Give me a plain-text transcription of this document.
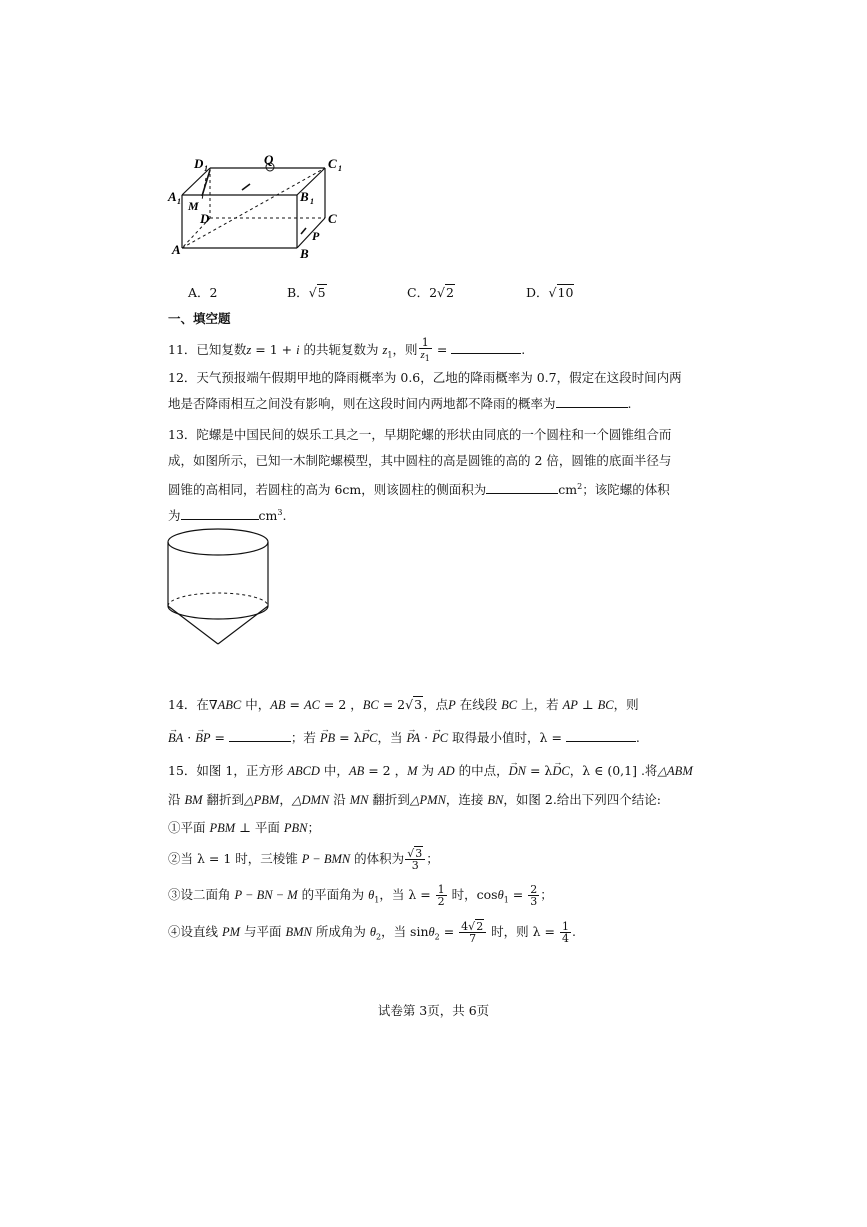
D 1
Q	C 1
A 1 M
D
B 1
C
P
A	B
A．2	B．√5	C．2√2	D．√10
一、填空题
11．已知复数z = 1 + i 的共轭复数为 $z_1$，则 $\frac{1}{z_1}$ =	.
12．天气预报端午假期甲地的降雨概率为 0.6，乙地的降雨概率为 0.7，假定在这段时间内两
地是否降雨相互之间没有影响，则在这段时间内两地都不降雨的概率为	.
13．陀螺是中国民间的娱乐工具之一，早期陀螺的形状由同底的一个圆柱和一个圆锥组合而
成，如图所示，已知一木制陀螺模型，其中圆柱的高是圆锥的高的 2 倍，圆锥的底面半径与
圆锥的高相同，若圆柱的高为 6cm，则该圆柱的侧面积为	$cm^2$；该陀螺的体积
为	$cm^3$.
14．在∇ABC 中，AB = AC = 2 ，BC = 2√3，点P 在线段 BC 上，若 AP ⊥ BC，则
→ BA · → BP =	；若 → PB = λ→ PC，当 → PA · → PC 取得最小值时，λ =	.
15．如图 1，正方形 ABCD 中，AB = 2 ，M 为 AD 的中点，→ DN = λ→ DC，λ ∈ (0,1] .将△ABM
沿 BM 翻折到△PBM，△DMN 沿 MN 翻折到△PMN，连接 BN，如图 2.给出下列四个结论:
①平面 PBM ⊥ 平面 PBN；
②当 λ = 1 时，三棱锥 P − BMN 的体积为 $\frac{√3}{3}$ ；
③设二面角 P − BN − M 的平面角为 $\theta_1$，当 $\lambda = \frac{1}{2}$ 时，$\cos\theta_1 = \frac{2}{3}$ ；
④设直线 PM 与平面 BMN 所成角为 $\theta_2$，当 $\sin\theta_2 = \frac{4√2}{7}$ 时，则 $\lambda = \frac{1}{4}$ .
试卷第 3页，共 6页
